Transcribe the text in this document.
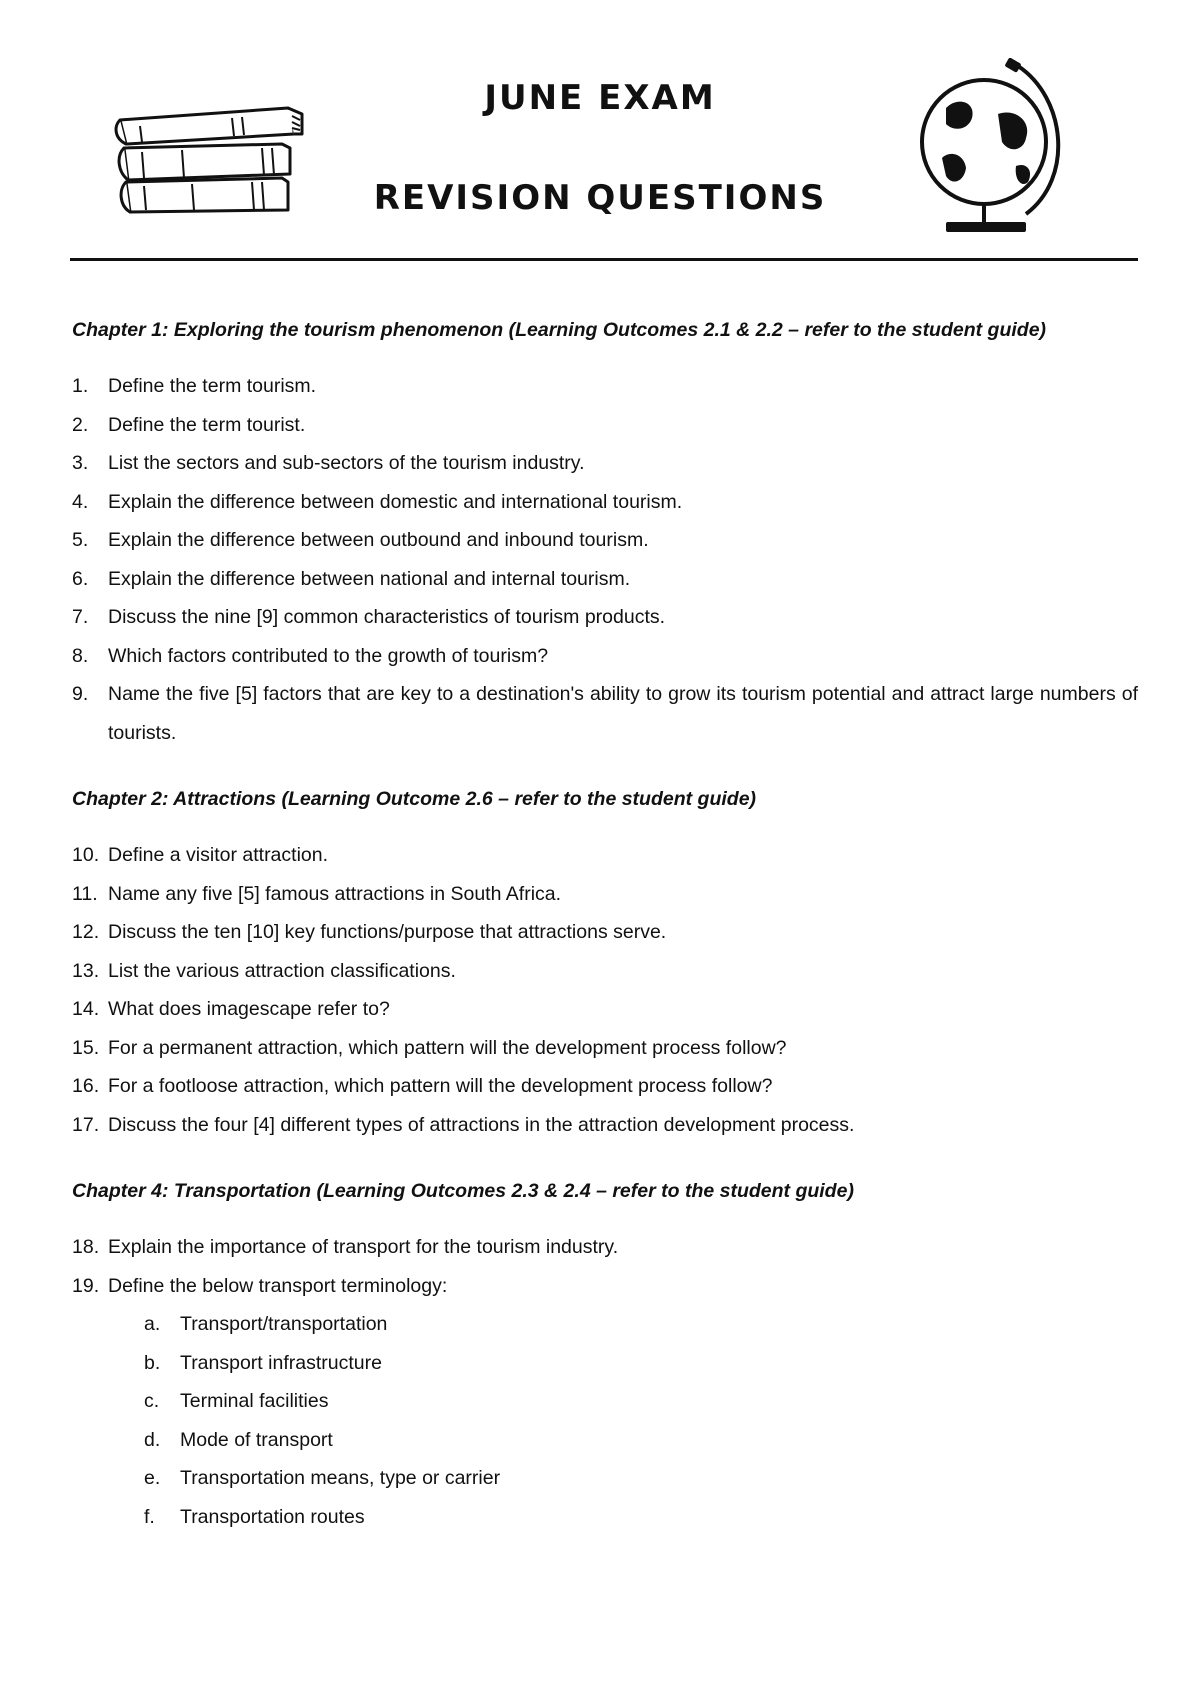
JUNE EXAM
REVISION QUESTIONS

Chapter 1: Exploring the tourism phenomenon (Learning Outcomes 2.1 & 2.2 – refer to the student guide)

1.	Define the term tourism.
2.	Define the term tourist.
3.	List the sectors and sub-sectors of the tourism industry.
4.	Explain the difference between domestic and international tourism.
5.	Explain the difference between outbound and inbound tourism.
6.	Explain the difference between national and internal tourism.
7.	Discuss the nine [9] common characteristics of tourism products.
8.	Which factors contributed to the growth of tourism?
9.	Name the five [5] factors that are key to a destination's ability to grow its tourism potential and attract large numbers of tourists.

Chapter 2: Attractions (Learning Outcome 2.6 – refer to the student guide)

10. Define a visitor attraction.
11. Name any five [5] famous attractions in South Africa.
12. Discuss the ten [10] key functions/purpose that attractions serve.
13. List the various attraction classifications.
14. What does imagescape refer to?
15. For a permanent attraction, which pattern will the development process follow?
16. For a footloose attraction, which pattern will the development process follow?
17. Discuss the four [4] different types of attractions in the attraction development process.

Chapter 4: Transportation (Learning Outcomes 2.3 & 2.4 – refer to the student guide)

18. Explain the importance of transport for the tourism industry.
19. Define the below transport terminology:
a.	Transport/transportation
b.	Transport infrastructure
c.	Terminal facilities
d.	Mode of transport
e.	Transportation means, type or carrier
f.	Transportation routes
